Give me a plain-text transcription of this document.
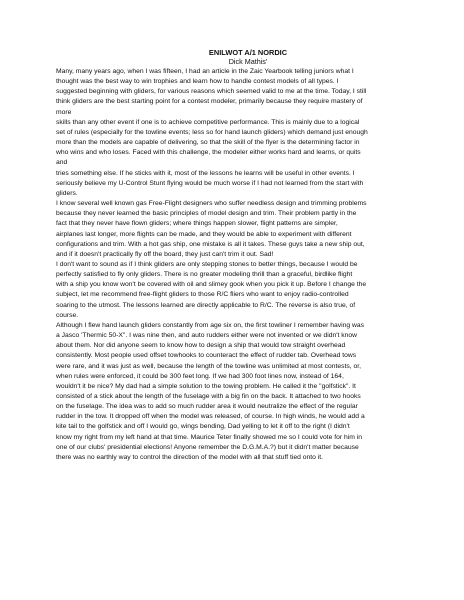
ENILWOT A/1 NORDIC

Dick Mathis'

Many, many years ago, when I was fifteen, I had an article in the Zaic Yearbook telling juniors what I
thought was the best way to win trophies and learn how to handle contest models of all types. I
suggested beginning with gliders, for various reasons which seemed valid to me at the time. Today, I still
think gliders are the best starting point for a contest modeler, primarily because they require mastery of
more
skills than any other event if one is to achieve competitive performance. This is mainly due to a logical
set of rules (especially for the towline events; less so for hand launch gliders) which demand just enough
more than the models are capable of delivering, so that the skill of the flyer is the determining factor in
who wins and who loses. Faced with this challenge, the modeler either works hard and learns, or quits
and
tries something else. If he sticks with it, most of the lessons he learns will be useful in other events. I
seriously believe my U-Control Stunt flying would be much worse if I had not learned from the start with
gliders.
I know several well known gas Free-Flight designers who suffer needless design and trimming problems
because they never learned the basic principles of model design and trim. Their problem partly in the
fact that they never have flown gliders; where things happen slower, flight patterns are simpler,
airplanes last longer, more flights can be made, and they would be able to experiment with different
configurations and trim. With a hot gas ship, one mistake is all it takes. These guys take a new ship out,
and if it doesn't practically fly off the board, they just can't trim it out. Sad!
I don't want to sound as if I think gliders are only stepping stones to better things, because I would be
perfectly satisfied to fly only gliders. There is no greater modeling thrill than a graceful, birdlike flight
with a ship you know won't be covered with oil and slimey gook when you pick it up. Before I change the
subject, let me recommend free-flight gliders to those R/C fliers who want to enjoy radio-controlled
soaring to the utmost. The lessons learned are directly applicable to R/C. The reverse is also true, of
course.
Although I flew hand launch gliders constantly from age six on, the first towliner I remember having was
a Jasco 'Thermic 50-X". I was nine then, and auto rudders either were not invented or we didn't know
about them. Nor did anyone seem to know how to design a ship that would tow straight overhead
consistently. Most people used offset towhooks to counteract the effect of rudder tab. Overhead tows
were rare, and it was just as well, because the length of the towline was unlimited at most contests, or,
when rules were enforced, it could be 300 feet long. If we had 300 foot lines now, instead of 164,
wouldn't it be nice? My dad had a simple solution to the towing problem. He called it the "golfstick". It
consisted of a stick about the length of the fuselage with a big fin on the back. It attached to two hooks
on the fuselage. The idea was to add so much rudder area it would neutralize the effect of the regular
rudder in the tow. It dropped off when the model was released, of course. In high winds, he would add a
kite tail to the golfstick and off I would go, wings bending, Dad yelling to let it off to the right (I didn't
know my right from my left hand at that time. Maurice Teter finally showed me so I could vote for him in
one of our clubs' presidential elections! Anyone remember the D.G.M.A.?) but it didn't matter because
there was no earthly way to control the direction of the model with all that stuff tied onto it.
